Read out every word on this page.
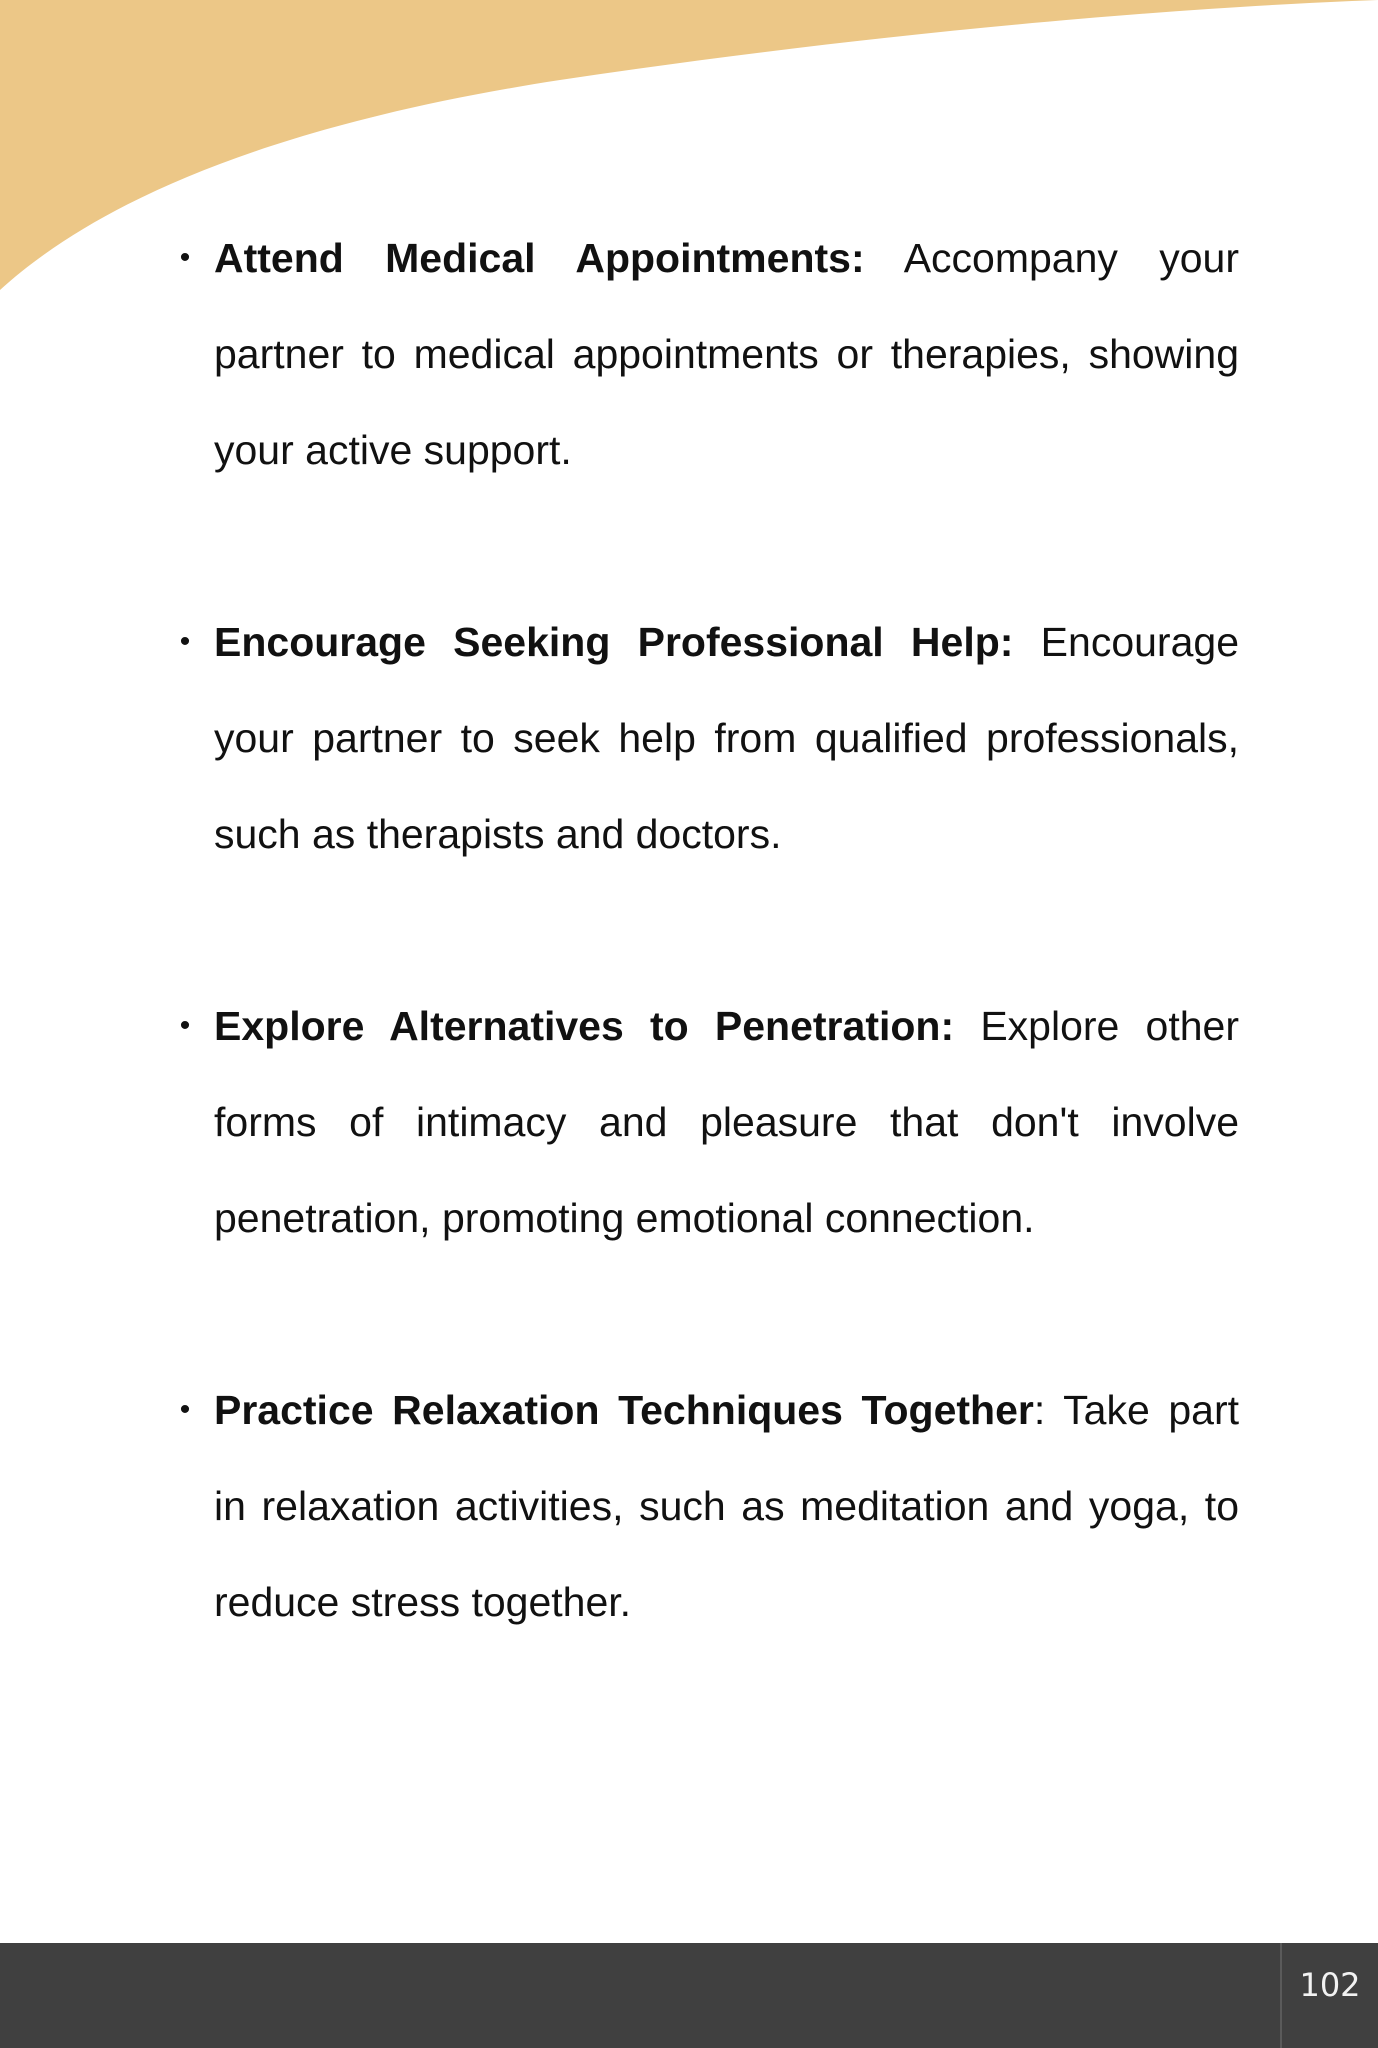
• Attend Medical Appointments: Accompany your partner to medical appointments or therapies, showing your active support.
• Encourage Seeking Professional Help: Encourage your partner to seek help from qualified professionals, such as therapists and doctors.
• Explore Alternatives to Penetration: Explore other forms of intimacy and pleasure that don't involve penetration, promoting emotional connection.
• Practice Relaxation Techniques Together: Take part in relaxation activities, such as meditation and yoga, to reduce stress together.
102
